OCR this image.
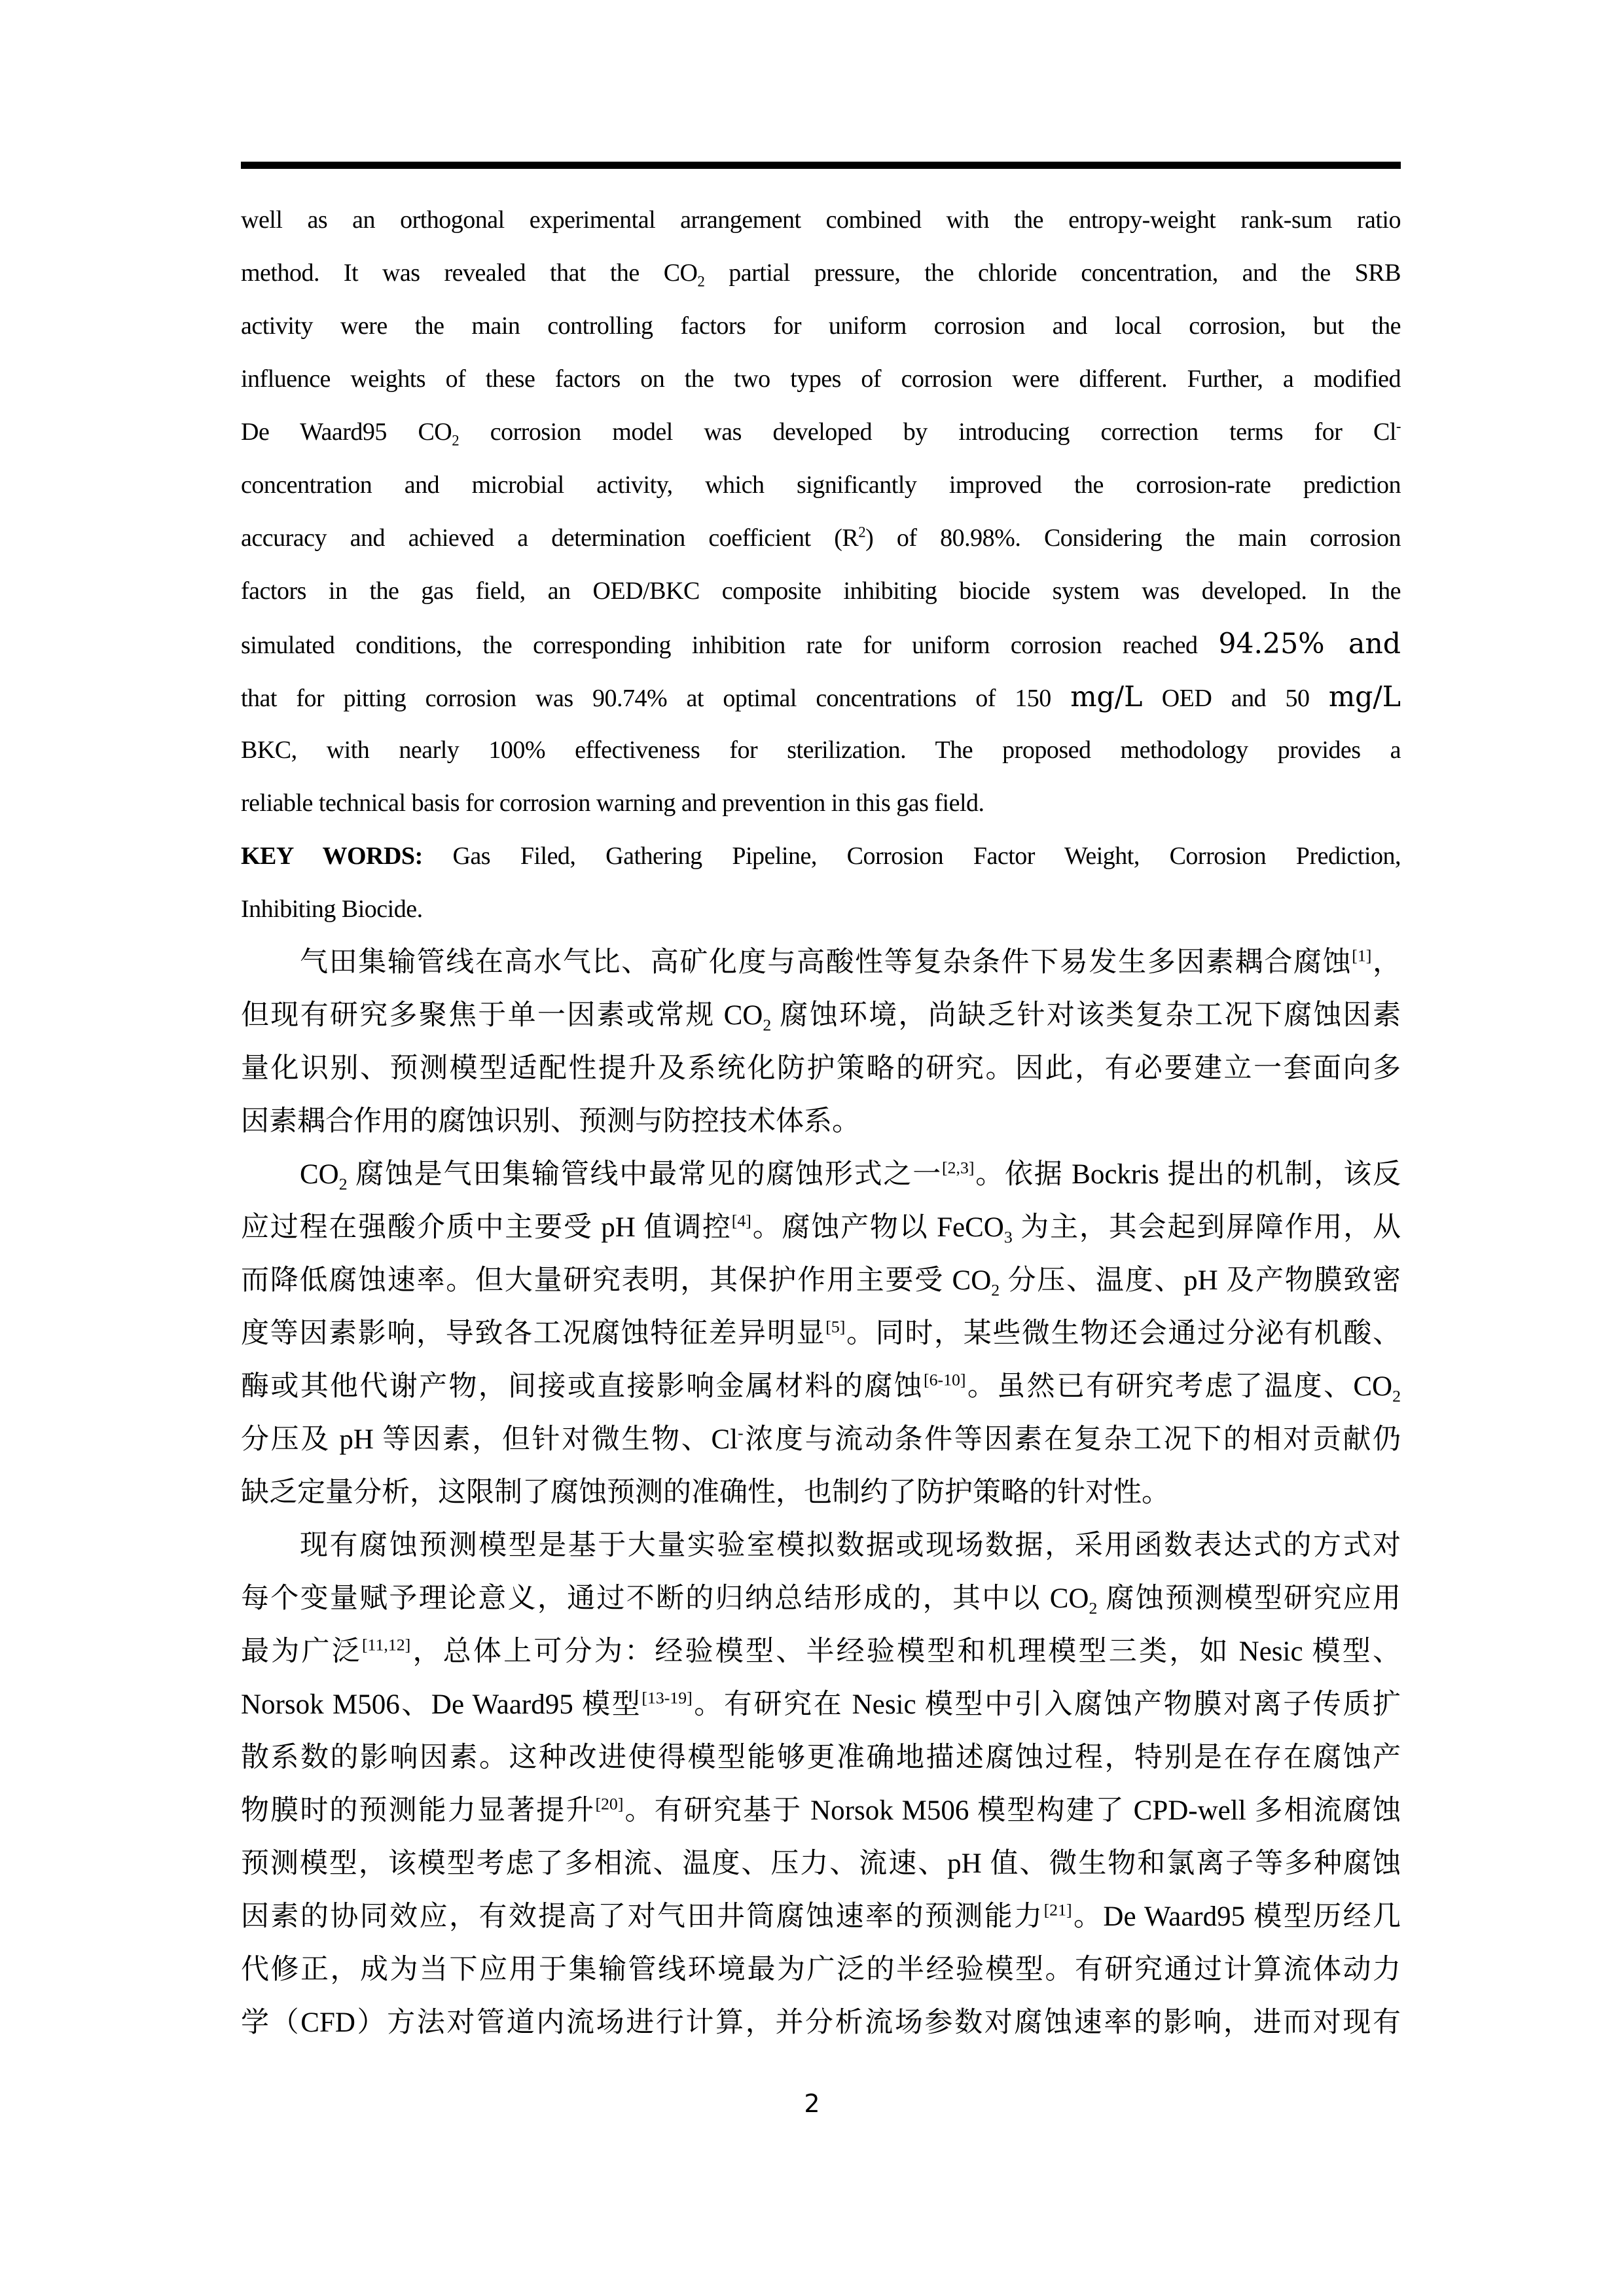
well as an orthogonal experimental arrangement combined with the entropy-weight rank-sum ratio
method. It was revealed that the $CO_2$ partial pressure, the chloride concentration, and the SRB
activity were the main controlling factors for uniform corrosion and local corrosion, but the
influence weights of these factors on the two types of corrosion were different. Further, a modified
De Waard95 $CO_2$ corrosion model was developed by introducing correction terms for Cl-
concentration and microbial activity, which significantly improved the corrosion-rate prediction
accuracy and achieved a determination coefficient $(R^2)$ of 80.98%. Considering the main corrosion
factors in the gas field, an OED/BKC composite inhibiting biocide system was developed. In the
simulated conditions, the corresponding inhibition rate for uniform corrosion reached 94.25% and
that for pitting corrosion was 90.74% at optimal concentrations of 150 mg/L OED and 50 mg/L
BKC, with nearly 100% effectiveness for sterilization. The proposed methodology provides a
reliable technical basis for corrosion warning and prevention in this gas field.
KEY WORDS: Gas Filed, Gathering Pipeline, Corrosion Factor Weight, Corrosion Prediction,
Inhibiting Biocide.
气田集输管线在高水气比、高矿化度与高酸性等复杂条件下易发生多因素耦合腐蚀[1]，
但现有研究多聚焦于单一因素或常规 $CO_2$ 腐蚀环境，尚缺乏针对该类复杂工况下腐蚀因素
量化识别、预测模型适配性提升及系统化防护策略的研究。因此，有必要建立一套面向多
因素耦合作用的腐蚀识别、预测与防控技术体系。
$CO_2$ 腐蚀是气田集输管线中最常见的腐蚀形式之一[2,3]。依据 Bockris 提出的机制，该反
应过程在强酸介质中主要受 pH 值调控[4]。腐蚀产物以 FeCO$_3$ 为主，其会起到屏障作用，从
而降低腐蚀速率。但大量研究表明，其保护作用主要受 $CO_2$ 分压、温度、pH 及产物膜致密
度等因素影响，导致各工况腐蚀特征差异明显[5]。同时，某些微生物还会通过分泌有机酸、
酶或其他代谢产物，间接或直接影响金属材料的腐蚀[6-10]。虽然已有研究考虑了温度、$CO_2$
分压及 pH 等因素，但针对微生物、Cl-浓度与流动条件等因素在复杂工况下的相对贡献仍
缺乏定量分析，这限制了腐蚀预测的准确性，也制约了防护策略的针对性。
现有腐蚀预测模型是基于大量实验室模拟数据或现场数据，采用函数表达式的方式对
每个变量赋予理论意义，通过不断的归纳总结形成的，其中以 $CO_2$ 腐蚀预测模型研究应用
最为广泛[11,12]，总体上可分为：经验模型、半经验模型和机理模型三类，如 Nesic 模型、
Norsok M506、De Waard95 模型[13-19]。有研究在 Nesic 模型中引入腐蚀产物膜对离子传质扩
散系数的影响因素。这种改进使得模型能够更准确地描述腐蚀过程，特别是在存在腐蚀产
物膜时的预测能力显著提升[20]。有研究基于 Norsok M506 模型构建了 CPD-well 多相流腐蚀
预测模型，该模型考虑了多相流、温度、压力、流速、pH 值、微生物和氯离子等多种腐蚀
因素的协同效应，有效提高了对气田井筒腐蚀速率的预测能力[21]。De Waard95 模型历经几
代修正，成为当下应用于集输管线环境最为广泛的半经验模型。有研究通过计算流体动力
学（CFD）方法对管道内流场进行计算，并分析流场参数对腐蚀速率的影响，进而对现有
2
